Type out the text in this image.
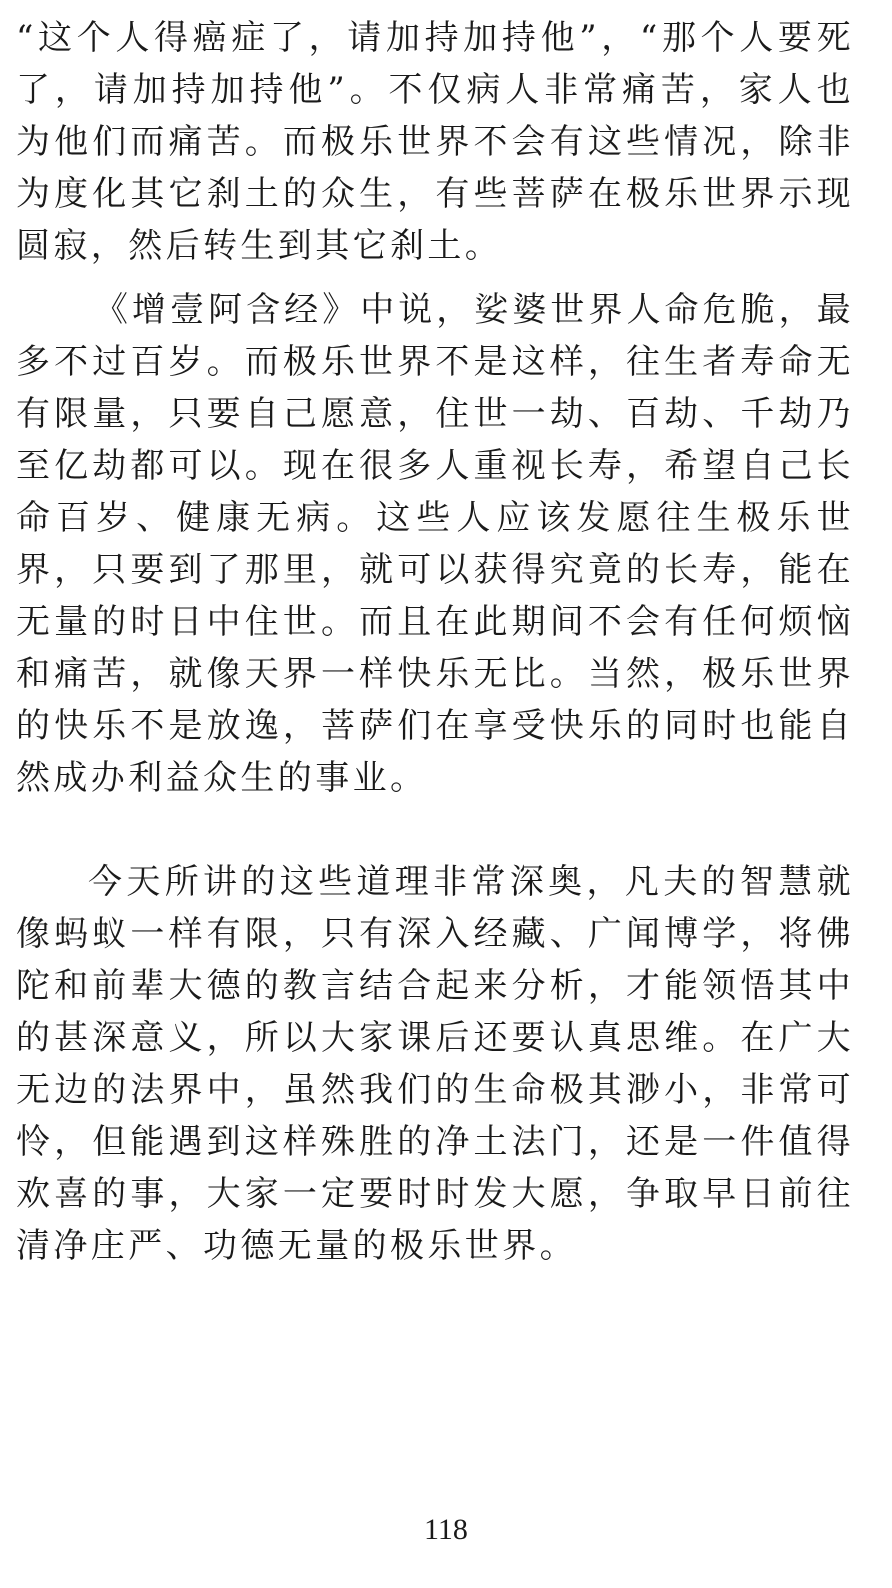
“这个人得癌症了，请加持加持他”，“那个人要死了，请加持加持他”。不仅病人非常痛苦，家人也为他们而痛苦。而极乐世界不会有这些情况，除非为度化其它刹土的众生，有些菩萨在极乐世界示现圆寂，然后转生到其它刹土。

《增壹阿含经》中说，娑婆世界人命危脆，最多不过百岁。而极乐世界不是这样，往生者寿命无有限量，只要自己愿意，住世一劫、百劫、千劫乃至亿劫都可以。现在很多人重视长寿，希望自己长命百岁、健康无病。这些人应该发愿往生极乐世界，只要到了那里，就可以获得究竟的长寿，能在无量的时日中住世。而且在此期间不会有任何烦恼和痛苦，就像天界一样快乐无比。当然，极乐世界的快乐不是放逸，菩萨们在享受快乐的同时也能自然成办利益众生的事业。

今天所讲的这些道理非常深奥，凡夫的智慧就像蚂蚁一样有限，只有深入经藏、广闻博学，将佛陀和前辈大德的教言结合起来分析，才能领悟其中的甚深意义，所以大家课后还要认真思维。在广大无边的法界中，虽然我们的生命极其渺小，非常可怜，但能遇到这样殊胜的净土法门，还是一件值得欢喜的事，大家一定要时时发大愿，争取早日前往清净庄严、功德无量的极乐世界。

118
